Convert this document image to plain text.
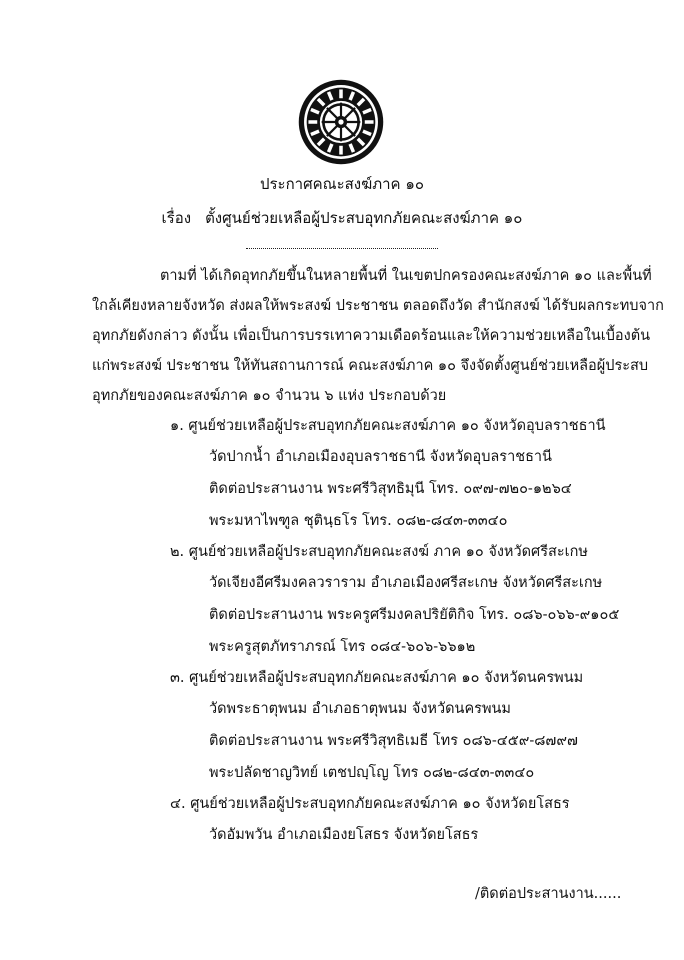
ประกาศคณะสงฆ์ภาค ๑๐
เรื่อง ตั้งศูนย์ช่วยเหลือผู้ประสบอุทกภัยคณะสงฆ์ภาค ๑๐
ตามที่ ได้เกิดอุทกภัยขึ้นในหลายพื้นที่ ในเขตปกครองคณะสงฆ์ภาค ๑๐ และพื้นที่
ใกล้เคียงหลายจังหวัด ส่งผลให้พระสงฆ์ ประชาชน ตลอดถึงวัด สำนักสงฆ์ ได้รับผลกระทบจาก
อุทกภัยดังกล่าว ดังนั้น เพื่อเป็นการบรรเทาความเดือดร้อนและให้ความช่วยเหลือในเบื้องต้น
แก่พระสงฆ์ ประชาชน ให้ทันสถานการณ์ คณะสงฆ์ภาค ๑๐ จึงจัดตั้งศูนย์ช่วยเหลือผู้ประสบ
อุทกภัยของคณะสงฆ์ภาค ๑๐ จำนวน ๖ แห่ง ประกอบด้วย
๑. ศูนย์ช่วยเหลือผู้ประสบอุทกภัยคณะสงฆ์ภาค ๑๐ จังหวัดอุบลราชธานี
วัดปากน้ำ อำเภอเมืองอุบลราชธานี จังหวัดอุบลราชธานี
ติดต่อประสานงาน พระศรีวิสุทธิมุนี โทร. ๐๙๗-๗๒๐-๑๒๖๔
พระมหาไพฑูล ชุตินฺธโร โทร. ๐๘๒-๘๔๓-๓๓๔๐
๒. ศูนย์ช่วยเหลือผู้ประสบอุทกภัยคณะสงฆ์ ภาค ๑๐ จังหวัดศรีสะเกษ
วัดเจียงอีศรีมงคลวราราม อำเภอเมืองศรีสะเกษ จังหวัดศรีสะเกษ
ติดต่อประสานงาน พระครูศรีมงคลปริยัติกิจ โทร. ๐๘๖-๐๖๖-๙๑๐๕
พระครูสุตภัทราภรณ์ โทร ๐๘๔-๖๐๖-๖๖๑๒
๓. ศูนย์ช่วยเหลือผู้ประสบอุทกภัยคณะสงฆ์ภาค ๑๐ จังหวัดนครพนม
วัดพระธาตุพนม อำเภอธาตุพนม จังหวัดนครพนม
ติดต่อประสานงาน พระศรีวิสุทธิเมธี โทร ๐๘๖-๔๕๙-๘๗๙๗
พระปลัดชาญวิทย์ เตชปญฺโญ โทร ๐๘๒-๘๔๓-๓๓๔๐
๔. ศูนย์ช่วยเหลือผู้ประสบอุทกภัยคณะสงฆ์ภาค ๑๐ จังหวัดยโสธร
วัดอัมพวัน อำเภอเมืองยโสธร จังหวัดยโสธร
/ติดต่อประสานงาน......
